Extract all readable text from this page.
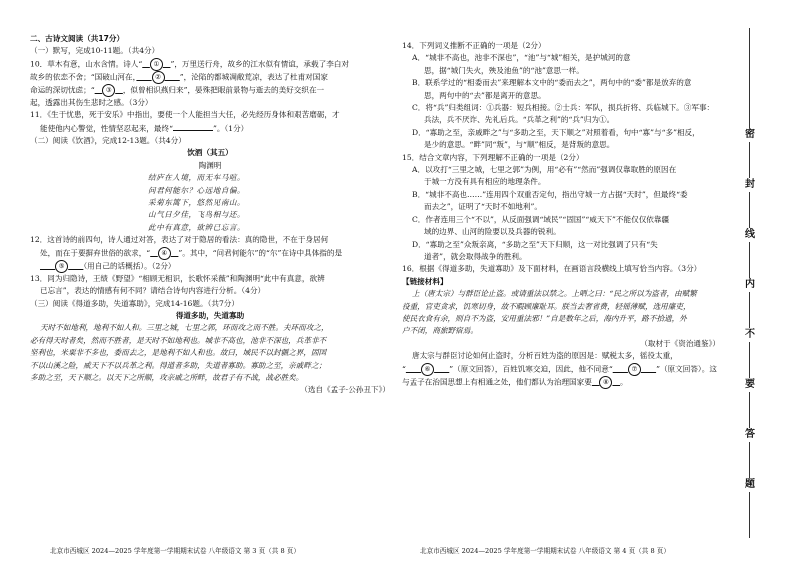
二、古诗文阅读（共17分）

（一）默写，完成10-11题。（共4分）

10．草木有意，山水含情。诗人“　 ①　 ”，万里送行舟，故乡的江水似有情谊，承载了李白对

故乡的依恋不舍；“国破山河在，　　	②　　 ”，沦陷的都城凋敝荒凉，表达了杜甫对国家

命运的深切忧虑；“　 ③　 ，似曾相识燕归来”，晏殊把眼前景物与逝去的美好交织在一

起，透露出其伤生悲时之感。（3分）

11．《生于忧患，死于安乐》中指出，要使一个人能担当大任，必先经历身体和艰苦磨砺，才

能使他内心警觉，性情坚忍起来，最终“	”。（1分）

（二）阅读《饮酒》，完成12-13题。（共4分）

饮酒（其五）

陶渊明

结庐在人境，而无车马喧。

问君何能尔？心远地自偏。

采菊东篱下，悠然见南山。

山气日夕佳，飞鸟相与还。

此中有真意，欲辨已忘言。

12．这首诗的前四句，诗人通过对答，表达了对于隐居的看法：真的隐世，不在于身居何

处，而在于要摒弃世俗的欲求，“　 ④　 ”。其中，“问君何能尔”的“尔”在诗中具体指的是

　　⑤　　 （用自己的话概括）。（2分）

13．同为归隐诗，王绩《野望》“相顾无相识，长歌怀采薇”和陶渊明“此中有真意，欲辨

已忘言”，表达的情感有何不同？请结合诗句内容进行分析。（4分）

（三）阅读《得道多助，失道寡助》，完成14-16题。（共7分）

得道多助，失道寡助

天时不如地利，地利不如人和。三里之城，七里之郭，环而攻之而不胜。夫环而攻之，

必有得天时者矣，然而不胜者，是天时不如地利也。城非不高也，池非不深也，兵革非不

坚利也，米粟非不多也，委而去之，是地利不如人和也。故曰，域民不以封疆之界，固国

不以山溪之险，威天下不以兵革之利。得道者多助，失道者寡助。寡助之至，亲戚畔之；

多助之至，天下顺之。以天下之所顺，攻亲戚之所畔，故君子有不战，战必胜矣。

（选自《孟子·公孙丑下》）

北京市西城区 2024—2025 学年度第一学期期末试卷 八年级语文 第 3 页（共 8 页）

14．下列词义推断不正确的一项是（2分）

A．“城非不高也，池非不深也”，“池”与“城”相关，是护城河的意

思，据“城门失火，殃及池鱼”的“池”意思一样。

B．联系学过的“相委而去”来理解本文中的“委而去之”，两句中的“委”都是放弃的意

思，两句中的“去”都是离开的意思。

C．将“兵”归类组词：①兵器：短兵相接。②士兵：军队，损兵折将、兵临城下。③军事：

兵法，兵不厌诈、先礼后兵。“兵革之利”的“兵”归为①。

D．“寡助之至，亲戚畔之”与“多助之至，天下顺之”对照着看，句中“寡”与“多”相反，

是少的意思。“畔”同“叛”，与“顺”相反，是背叛的意思。

15．结合文章内容，下列理解不正确的一项是（2分）

A．以攻打“三里之城，七里之郭”为例，用“必有”“然而”强调仅靠取胜的原因在

于城一方没有具有相应的地理条件。

B．“城非不高也……”连用四个双重否定句，指出守城一方占据“天时”，但最终“委

而去之”，证明了“天时不如地利”。

C．作者连用三个“不以”，从反面强调“域民”“固国”“威天下”不能仅仅依靠疆

域的边界、山河的险要以及兵器的锐利。

D．“寡助之至”众叛亲离，“多助之至”天下归顺，这一对比强调了只有“失

道者”，就会取得战争的胜利。

16．根据《得道多助，失道寡助》及下面材料，在画语言段横线上填写恰当内容。（3分）

【链接材料】

上（唐太宗）与群臣论止盗。或请重法以禁之。上哂之曰：“民之所以为盗者，由赋繁

役重，官吏贪求，饥寒切身，故不暇顾廉耻耳。朕当去奢省费，轻徭薄赋，选用廉吏，

使民衣食有余，则自不为盗，安用重法邪！”自是数年之后，海内升平，路不拾遗，外

户不闭，商旅野宿焉。

（取材于《资治通鉴》）

唐太宗与群臣讨论如何止盗时，分析百姓为盗的原因是：赋税太多，徭役太重，

“　　	⑥　　 ”（原文回答），百姓饥寒交迫，因此，他不同意“　　	⑦　　 ”（原文回答）。这

与孟子在治国思想上有相通之处，他们都认为治理国家要　 ⑧　 。

北京市西城区 2024—2025 学年度第一学期期末试卷 八年级语文 第 4 页（共 8 页）
密
封
线
内
不
要
答
题
